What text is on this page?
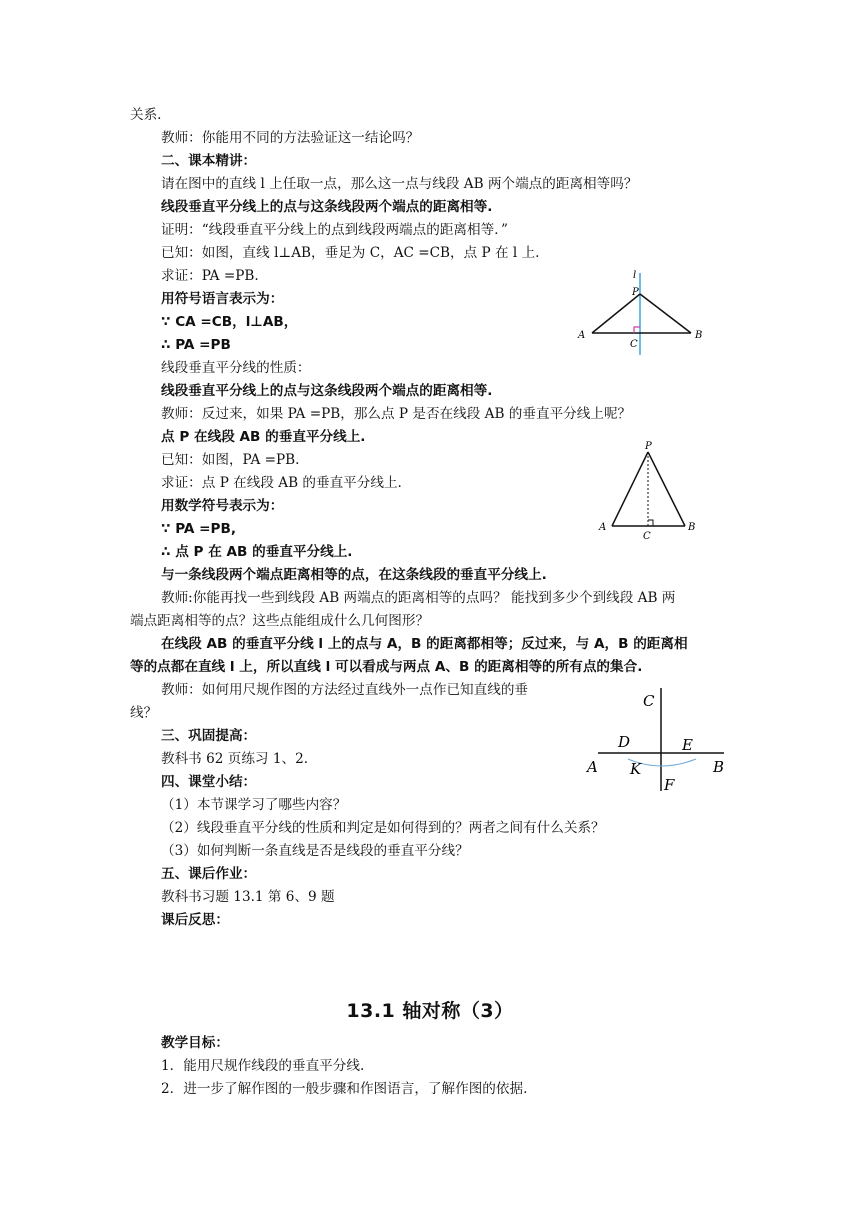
关系.
教师：你能用不同的方法验证这一结论吗？
二、课本精讲：
请在图中的直线 l 上任取一点，那么这一点与线段 AB 两个端点的距离相等吗？
线段垂直平分线上的点与这条线段两个端点的距离相等.
证明：“线段垂直平分线上的点到线段两端点的距离相等．”
已知：如图，直线 l⊥AB，垂足为 C，AC =CB，点 P 在 l 上.
求证：PA =PB.
用符号语言表示为：
∵ CA =CB，l⊥AB，
∴ PA =PB
线段垂直平分线的性质：
线段垂直平分线上的点与这条线段两个端点的距离相等.
教师：反过来，如果 PA =PB，那么点 P 是否在线段 AB 的垂直平分线上呢？
点 P 在线段 AB 的垂直平分线上.
已知：如图，PA =PB.
求证：点 P 在线段 AB 的垂直平分线上.
用数学符号表示为：
∵ PA =PB,
∴ 点 P 在 AB 的垂直平分线上.
与一条线段两个端点距离相等的点，在这条线段的垂直平分线上.
教师:你能再找一些到线段 AB 两端点的距离相等的点吗？ 能找到多少个到线段 AB 两
端点距离相等的点？这些点能组成什么几何图形？
在线段 AB 的垂直平分线 l 上的点与 A，B 的距离都相等；反过来，与 A，B 的距离相
等的点都在直线 l 上，所以直线 l 可以看成与两点 A、B 的距离相等的所有点的集合.
教师：如何用尺规作图的方法经过直线外一点作已知直线的垂
线？
三、巩固提高：
教科书 62 页练习 1、2.
四、课堂小结：
（1）本节课学习了哪些内容？
（2）线段垂直平分线的性质和判定是如何得到的？两者之间有什么关系？
（3）如何判断一条直线是否是线段的垂直平分线？
五、课后作业：
教科书习题 13.1 第 6、9 题
课后反思：
13.1 轴对称（3）
教学目标：
1．能用尺规作线段的垂直平分线.
2．进一步了解作图的一般步骤和作图语言，了解作图的依据.
l
P
A	B
C
P
A	B
C
C
D	E
A K	B
F
